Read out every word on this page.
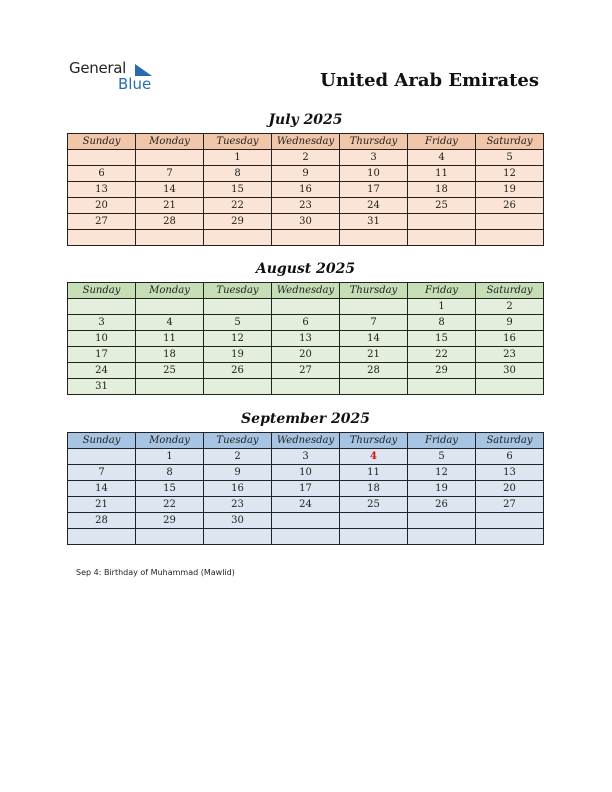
General
Blue	United Arab Emirates
July 2025
Sunday	Monday	Tuesday	Wednesday	Thursday	Friday	Saturday
		1	2	3	4	5
6	7	8	9	10	11	12
13	14	15	16	17	18	19
20	21	22	23	24	25	26
27	28	29	30	31		

August 2025
Sunday	Monday	Tuesday	Wednesday	Thursday	Friday	Saturday
					1	2
3	4	5	6	7	8	9
10	11	12	13	14	15	16
17	18	19	20	21	22	23
24	25	26	27	28	29	30
31						
September 2025
Sunday	Monday	Tuesday	Wednesday	Thursday	Friday	Saturday
	1	2	3	4	5	6
7	8	9	10	11	12	13
14	15	16	17	18	19	20
21	22	23	24	25	26	27
28	29	30				

Sep 4: Birthday of Muhammad (Mawlid)
